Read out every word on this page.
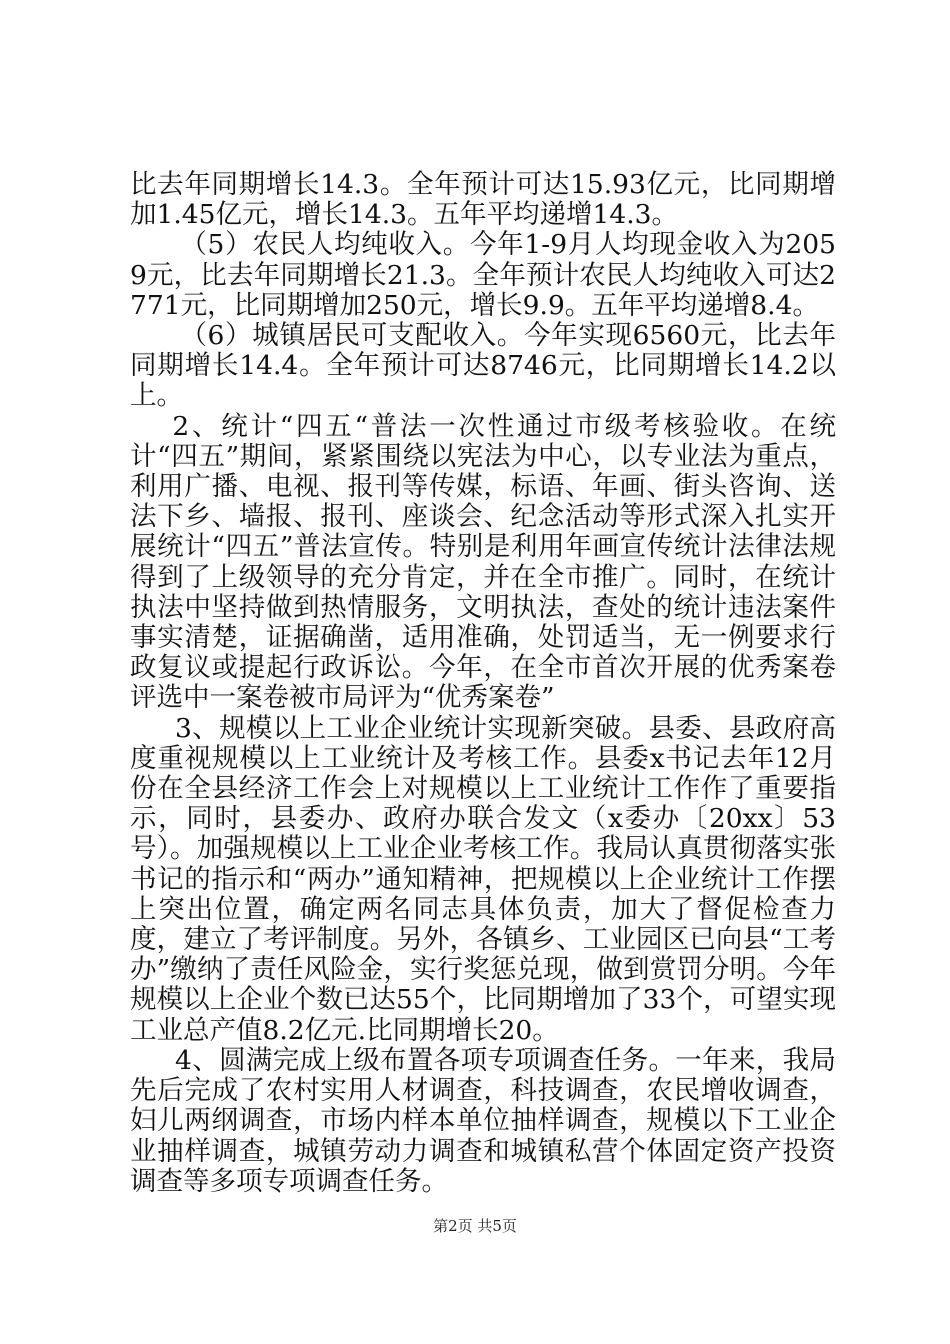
比去年同期增长14.3。全年预计可达15.93亿元，比同期增加1.45亿元，增长14.3。五年平均递增14.3。

（5）农民人均纯收入。今年1-9月人均现金收入为2059元，比去年同期增长21.3。全年预计农民人均纯收入可达2771元，比同期增加250元，增长9.9。五年平均递增8.4。

（6）城镇居民可支配收入。今年实现6560元，比去年同期增长14.4。全年预计可达8746元，比同期增长14.2以上。

2、统计“四五“普法一次性通过市级考核验收。在统计“四五”期间，紧紧围绕以宪法为中心，以专业法为重点，利用广播、电视、报刊等传媒，标语、年画、街头咨询、送法下乡、墙报、报刊、座谈会、纪念活动等形式深入扎实开展统计“四五”普法宣传。特别是利用年画宣传统计法律法规得到了上级领导的充分肯定，并在全市推广。同时，在统计执法中坚持做到热情服务，文明执法，查处的统计违法案件事实清楚，证据确凿，适用准确，处罚适当，无一例要求行政复议或提起行政诉讼。今年，在全市首次开展的优秀案卷评选中一案卷被市局评为“优秀案卷”

3、规模以上工业企业统计实现新突破。县委、县政府高度重视规模以上工业统计及考核工作。县委x书记去年12月份在全县经济工作会上对规模以上工业统计工作作了重要指示，同时，县委办、政府办联合发文（x委办〔20xx〕53号）。加强规模以上工业企业考核工作。我局认真贯彻落实张书记的指示和“两办”通知精神，把规模以上企业统计工作摆上突出位置，确定两名同志具体负责，加大了督促检查力度，建立了考评制度。另外，各镇乡、工业园区已向县“工考办”缴纳了责任风险金，实行奖惩兑现，做到赏罚分明。今年规模以上企业个数已达55个，比同期增加了33个，可望实现工业总产值8.2亿元.比同期增长20。

4、圆满完成上级布置各项专项调查任务。一年来，我局先后完成了农村实用人材调查，科技调查，农民增收调查，妇儿两纲调查，市场内样本单位抽样调查，规模以下工业企业抽样调查，城镇劳动力调查和城镇私营个体固定资产投资调查等多项专项调查任务。

第2页 共5页
